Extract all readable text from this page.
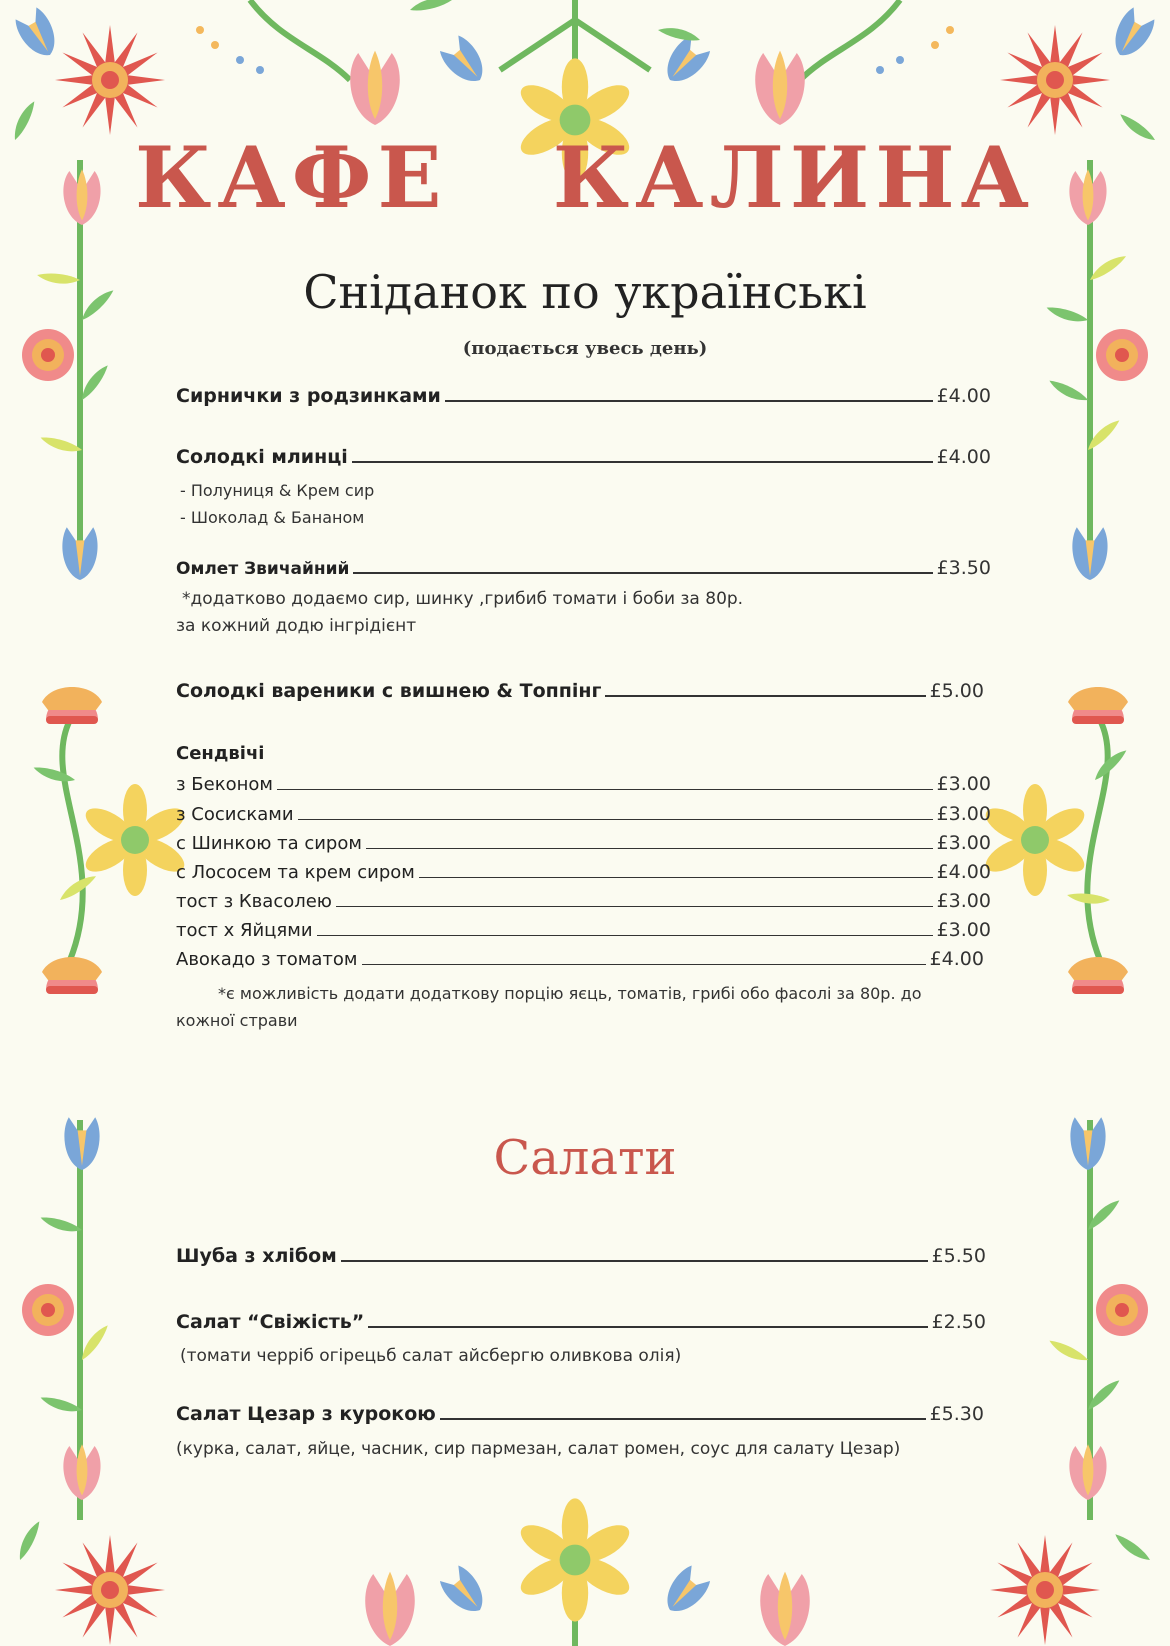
КАФЕ КАЛИНА
Сніданок по українські
(подається увесь день)
Сирнички з родзинками	£4.00
Солодкі млинці	£4.00
- Полуниця & Крем сир
- Шоколад & Бананом
Омлет Звичайний	£3.50
*додатково додаємо сир, шинку ,грибиб томати і боби за 80р.
за кожний додю інгрідієнт
Солодкі вареники с вишнею & Топпінг	£5.00
Сендвічі
з Беконом	£3.00
з Сосисками	£3.00
с Шинкою та сиром	£3.00
с Лососем та крем сиром	£4.00
тост з Квасолею	£3.00
тост х Яйцями	£3.00
Авокадо з томатом	£4.00
*є можливість додати додаткову порцію яєць, томатів, грибі обо фасолі за 80р. до
кожної страви
Салати
Шуба з хлібом	£5.50
Салат “Свіжість”	£2.50
(томати черріб огірецьб салат айсбергю оливкова олія)
Салат Цезар з курокою	£5.30
(курка, салат, яйце, часник, сир пармезан, салат ромен, соус для салату Цезар)
